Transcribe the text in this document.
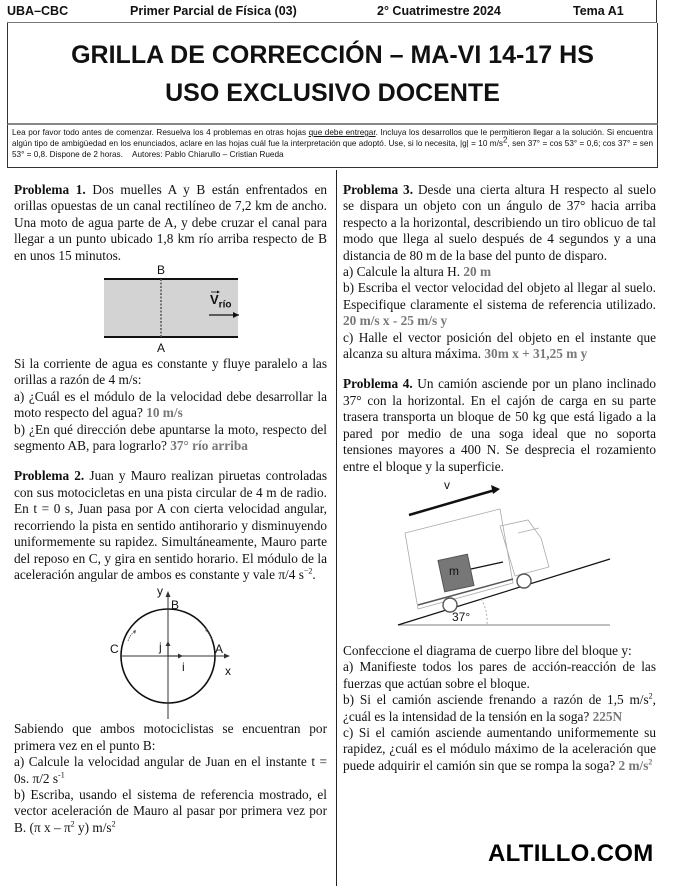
UBA–CBC	Primer Parcial de Física (03)	2° Cuatrimestre 2024	Tema A1
GRILLA DE CORRECCIÓN – MA-VI 14-17 HS
USO EXCLUSIVO DOCENTE
Lea por favor todo antes de comenzar. Resuelva los 4 problemas en otras hojas que debe entregar. Incluya los desarrollos que le permitieron llegar a la solución. Si encuentra algún tipo de ambigüedad en los enunciados, aclare en las hojas cuál fue la interpretación que adoptó. Use, si lo necesita, |g| = 10 $m/s^2$, sen 37° = cos 53° = 0,6; cos 37° = sen 53° = 0,8. Dispone de 2 horas. Autores: Pablo Chiarullo – Cristian Rueda

Problema 1. Dos muelles A y B están enfrentados en orillas opuestas de un canal rectilíneo de 7,2 km de ancho. Una moto de agua parte de A, y debe cruzar el canal para llegar a un punto ubicado 1,8 km río arriba respecto de B en unos 15 minutos.

B
A
$V_{río}$

Si la corriente de agua es constante y fluye paralelo a las orillas a razón de 4 m/s:

a) ¿Cuál es el módulo de la velocidad debe desarrollar la moto respecto del agua? 10 m/s

b) ¿En qué dirección debe apuntarse la moto, respecto del segmento AB, para lograrlo? 37° río arriba

Problema 2. Juan y Mauro realizan piruetas controladas con sus motocicletas en una pista circular de 4 m de radio. En t = 0 s, Juan pasa por A con cierta velocidad angular, recorriendo la pista en sentido antihorario y disminuyendo uniformemente su rapidez. Simultáneamente, Mauro parte del reposo en C, y gira en sentido horario. El módulo de la aceleración angular de ambos es constante y vale π/4 $s^{-2}$.

y
B
C	A
j
i	x

Sabiendo que ambos motociclistas se encuentran por primera vez en el punto B:

a) Calcule la velocidad angular de Juan en el instante t = 0s. π/2 $s^{-1}$

b) Escriba, usando el sistema de referencia mostrado, el vector aceleración de Mauro al pasar por primera vez por B. (π x – $\pi^2$ y) $m/s^2$

Problema 3. Desde una cierta altura H respecto al suelo se dispara un objeto con un ángulo de 37° hacia arriba respecto a la horizontal, describiendo un tiro oblicuo de tal modo que llega al suelo después de 4 segundos y a una distancia de 80 m de la base del punto de disparo.

a) Calcule la altura H. 20 m

b) Escriba el vector velocidad del objeto al llegar al suelo. Especifique claramente el sistema de referencia utilizado. 20 m/s x - 25 m/s y

c) Halle el vector posición del objeto en el instante que alcanza su altura máxima. 30m x + 31,25 m y

Problema 4. Un camión asciende por un plano inclinado 37° con la horizontal. En el cajón de carga en su parte trasera transporta un bloque de 50 kg que está ligado a la pared por medio de una soga ideal que no soporta tensiones mayores a 400 N. Se desprecia el rozamiento entre el bloque y la superficie.

v
m
37°

Confeccione el diagrama de cuerpo libre del bloque y:

a) Manifieste todos los pares de acción-reacción de las fuerzas que actúan sobre el bloque.

b) Si el camión asciende frenando a razón de 1,5 $m/s^2$, ¿cuál es la intensidad de la tensión en la soga? 225N

c) Si el camión asciende aumentando uniformemente su rapidez, ¿cuál es el módulo máximo de la aceleración que puede adquirir el camión sin que se rompa la soga? 2 $m/s^2$

ALTILLO.COM
